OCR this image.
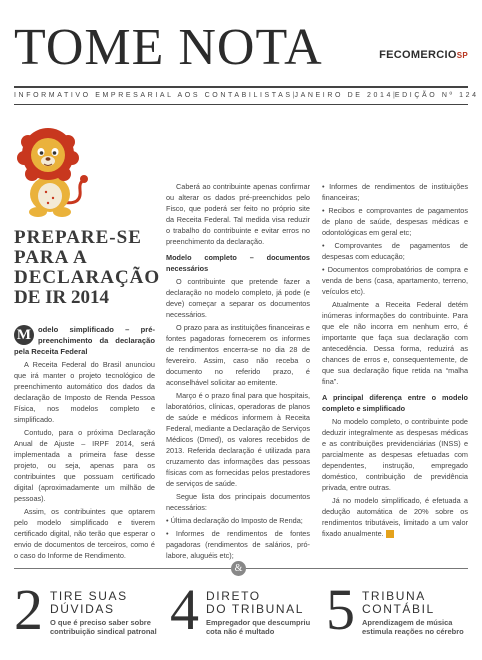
TOME NOTA	FECOMERCIOSP
INFORMATIVO EMPRESARIAL AOS CONTABILISTAS | JANEIRO DE 2014 | EDIÇÃO Nº 124
PREPARE-SE
PARA A
DECLARAÇÃO
DE IR 2014

M odelo simplificado – pré-preenchimento da declaração pela Receita Federal

A Receita Federal do Brasil anunciou que irá manter o projeto tecnológico de preenchimento automático dos dados da declaração de Imposto de Renda Pessoa Física, nos modelos completo e simplificado.

Contudo, para o próxima Declaração Anual de Ajuste – IRPF 2014, será implementada a primeira fase desse projeto, ou seja, apenas para os contribuintes que possuam certificado digital (aproximadamente um milhão de pessoas).

Assim, os contribuintes que optarem pelo modelo simplificado e tiverem certificado digital, não terão que esperar o envio de documentos de terceiros, como é o caso do Informe de Rendimento.

Caberá ao contribuinte apenas confirmar ou alterar os dados pré-preenchidos pelo Fisco, que poderá ser feito no próprio site da Receita Federal. Tal medida visa reduzir o trabalho do contribuinte e evitar erros no preenchimento da declaração.

Modelo completo – documentos necessários

O contribuinte que pretende fazer a declaração no modelo completo, já pode (e deve) começar a separar os documentos necessários.

O prazo para as instituições financeiras e fontes pagadoras fornecerem os informes de rendimentos encerra-se no dia 28 de fevereiro. Assim, caso não receba o documento no referido prazo, é aconselhável solicitar ao emitente.

Março é o prazo final para que hospitais, laboratórios, clínicas, operadoras de planos de saúde e médicos informem à Receita Federal, mediante a Declaração de Serviços Médicos (Dmed), os valores recebidos de 2013. Referida declaração é utilizada para cruzamento das informações das pessoas físicas com as fornecidas pelos prestadores de serviços de saúde.

Segue lista dos principais documentos necessários:

• Última declaração do Imposto de Renda;

• Informes de rendimentos de fontes pagadoras (rendimentos de salários, pró-labore, aluguéis etc);

• Informes de rendimentos de instituições financeiras;

• Recibos e comprovantes de pagamentos de plano de saúde, despesas médicas e odontológicas em geral etc;

• Comprovantes de pagamentos de despesas com educação;

• Documentos comprobatórios de compra e venda de bens (casa, apartamento, terreno, veículos etc).

Atualmente a Receita Federal detém inúmeras informações do contribuinte. Para que ele não incorra em nenhum erro, é importante que faça sua declaração com antecedência. Dessa forma, reduzirá as chances de erros e, consequentemente, de que sua declaração fique retida na “malha fina”.

A principal diferença entre o modelo completo e simplificado

No modelo completo, o contribuinte pode deduzir integralmente as despesas médicas e as contribuições previdenciárias (INSS) e parcialmente as despesas efetuadas com dependentes, instrução, empregado doméstico, contribuição de previdência privada, entre outras.

Já no modelo simplificado, é efetuada a dedução automática de 20% sobre os rendimentos tributáveis, limitado a um valor fixado anualmente. E

&
2 TIRE SUAS
DÚVIDAS
O que é preciso saber sobre
contribuição sindical patronal 4 DIRETO
DO TRIBUNAL
Empregador que descumpriu
cota não é multado 5 TRIBUNA
CONTÁBIL
Aprendizagem de música
estimula reações no cérebro
